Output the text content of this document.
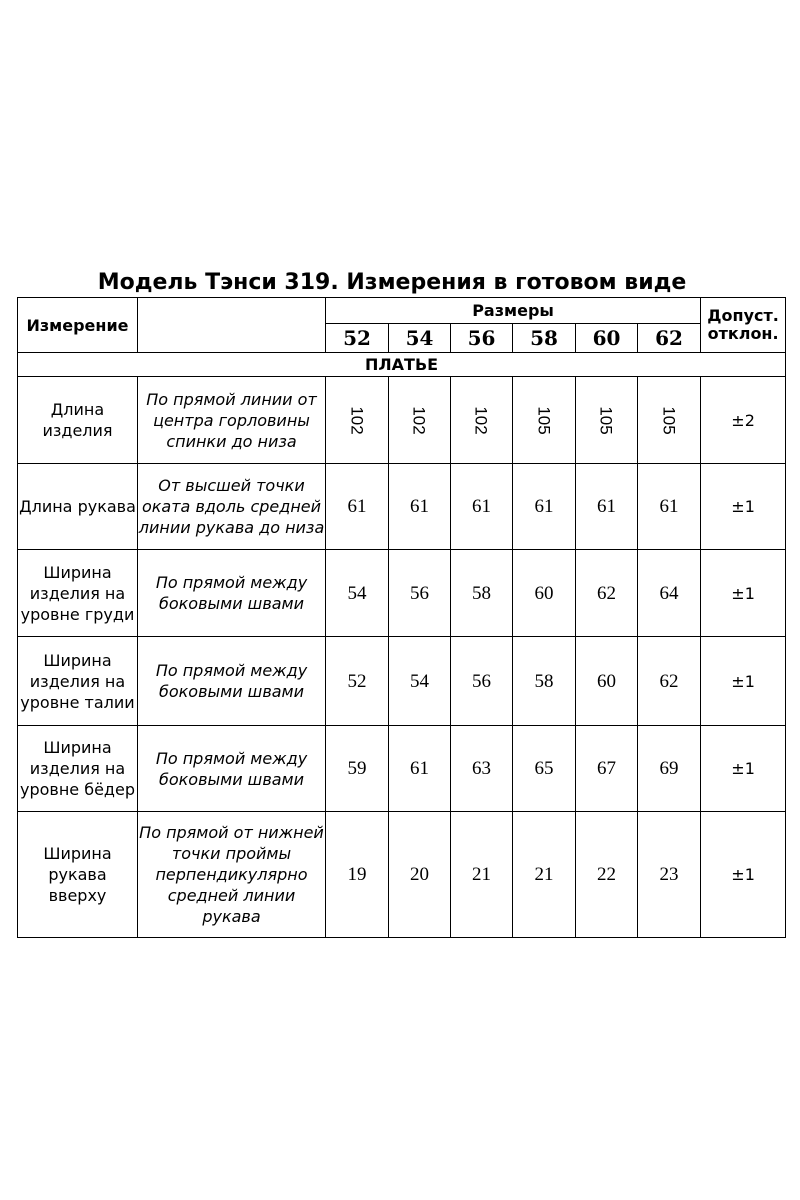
Модель Тэнси 319. Измерения в готовом виде
Измерение		Размеры						Допуст.
отклон.
		52	54	56	58	60	62	
ПЛАТЬЕ								
Длина изделия	По прямой линии от центра горловины спинки до низа	102	102	102	105	105	105	±2
Длина рукава	От высшей точки оката вдоль средней линии рукава до низа	61	61	61	61	61	61	±1
Ширина изделия на уровне груди	По прямой между боковыми швами	54	56	58	60	62	64	±1
Ширина изделия на уровне талии	По прямой между боковыми швами	52	54	56	58	60	62	±1
Ширина изделия на уровне бёдер	По прямой между боковыми швами	59	61	63	65	67	69	±1
Ширина рукава вверху	По прямой от нижней точки проймы перпендикулярно средней линии рукава	19	20	21	21	22	23	±1
